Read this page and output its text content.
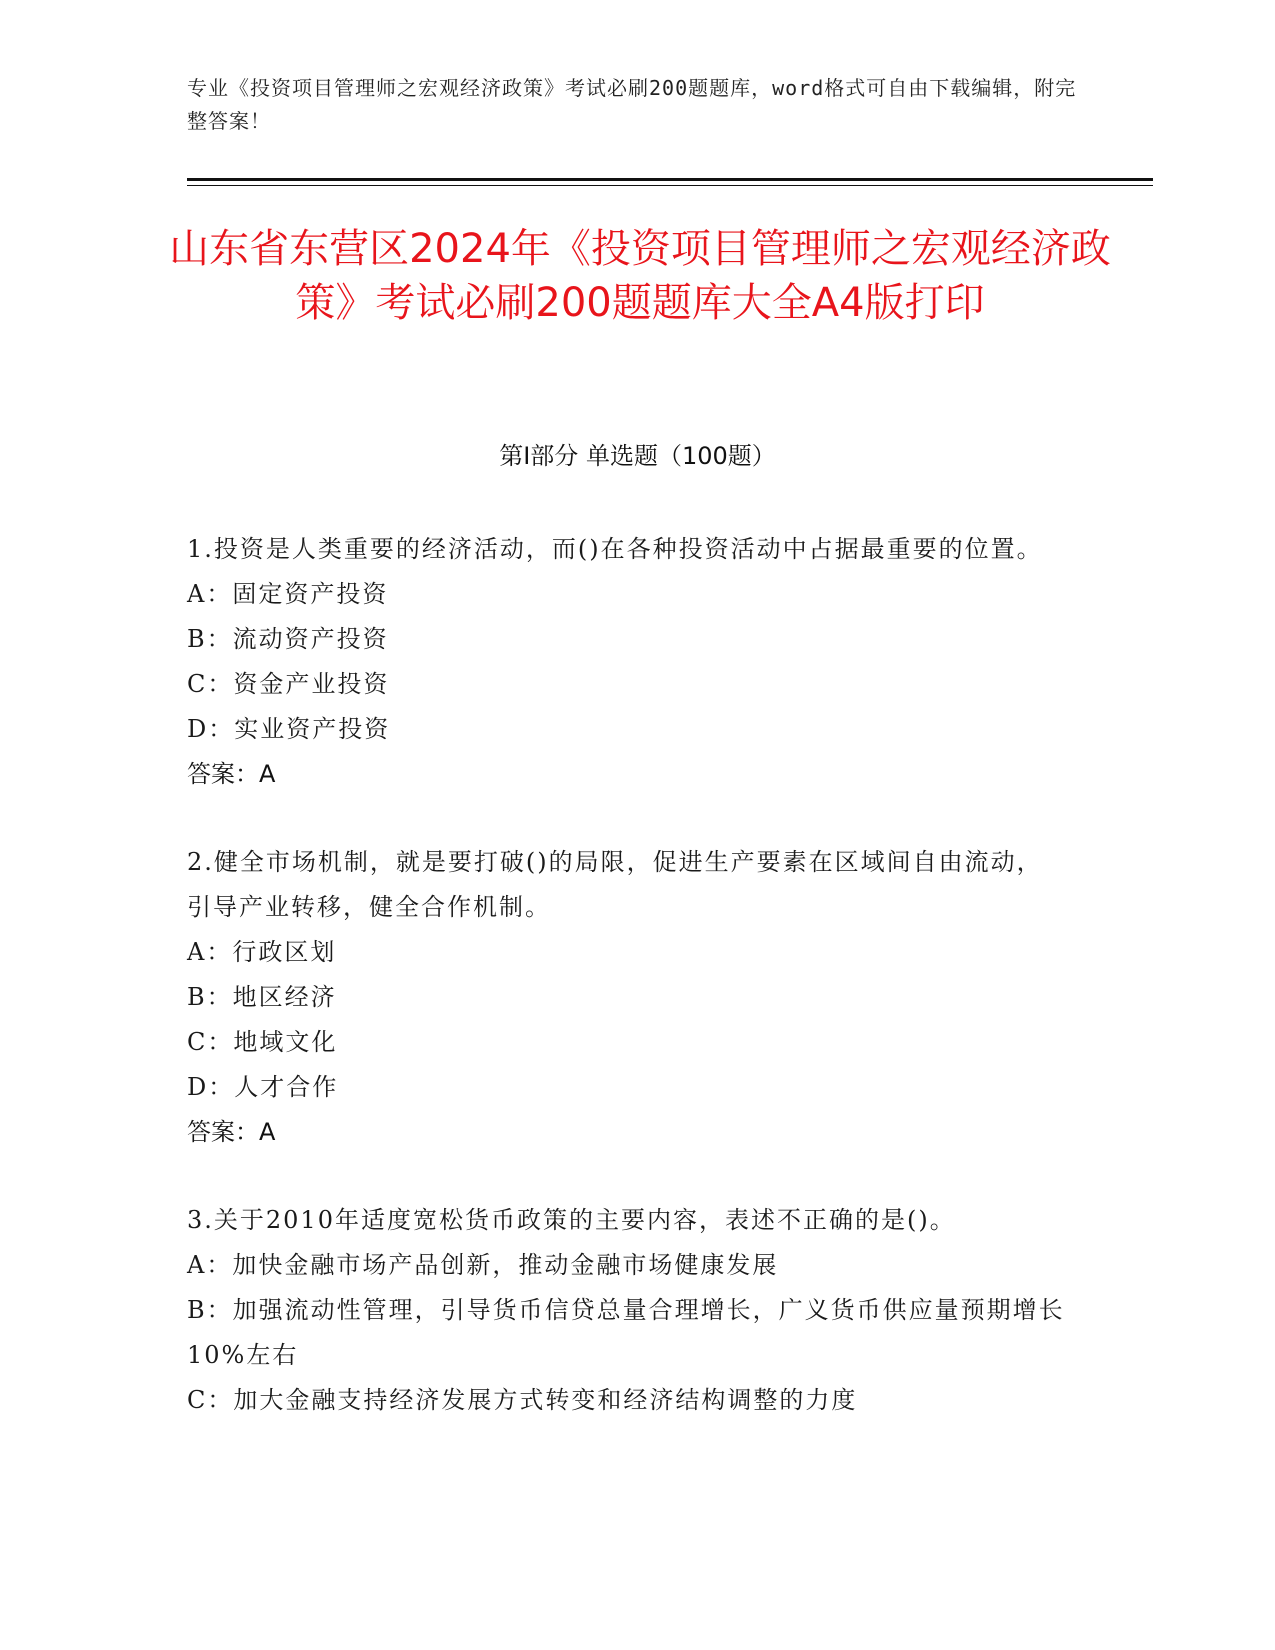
专业《投资项目管理师之宏观经济政策》考试必刷200题题库，word格式可自由下载编辑，附完整答案！
山东省东营区2024年《投资项目管理师之宏观经济政策》考试必刷200题题库大全A4版打印
第I部分 单选题（100题）
1.投资是人类重要的经济活动，而()在各种投资活动中占据最重要的位置。
A：固定资产投资
B：流动资产投资
C：资金产业投资
D：实业资产投资
答案：A
2.健全市场机制，就是要打破()的局限，促进生产要素在区域间自由流动，引导产业转移，健全合作机制。
A：行政区划
B：地区经济
C：地域文化
D：人才合作
答案：A
3.关于2010年适度宽松货币政策的主要内容，表述不正确的是()。
A：加快金融市场产品创新，推动金融市场健康发展
B：加强流动性管理，引导货币信贷总量合理增长，广义货币供应量预期增长10%左右
C：加大金融支持经济发展方式转变和经济结构调整的力度
